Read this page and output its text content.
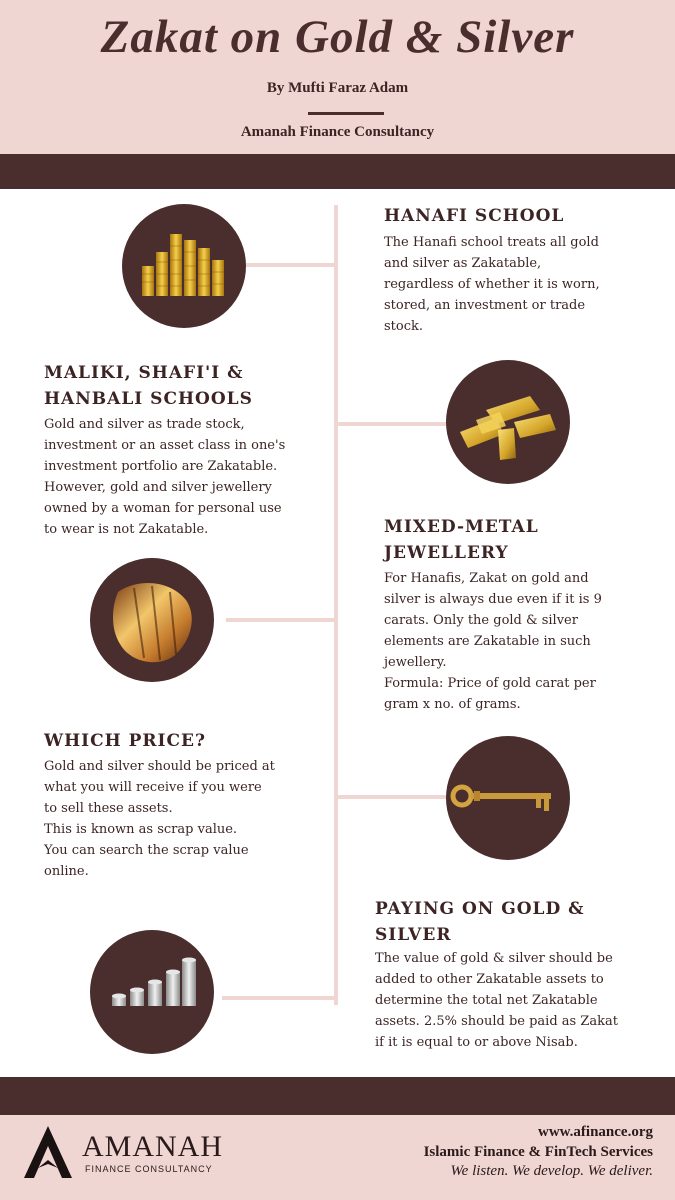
Zakat on Gold & Silver
By Mufti Faraz Adam
Amanah Finance Consultancy
HANAFI SCHOOL
The Hanafi school treats all gold
and silver as Zakatable,
regardless of whether it is worn,
stored, an investment or trade
stock.
MALIKI, SHAFI'I &
HANBALI SCHOOLS
Gold and silver as trade stock,
investment or an asset class in one's
investment portfolio are Zakatable.
However, gold and silver jewellery
owned by a woman for personal use
to wear is not Zakatable.	MIXED-METAL
JEWELLERY
For Hanafis, Zakat on gold and
silver is always due even if it is 9
carats. Only the gold & silver
elements are Zakatable in such
jewellery.
Formula: Price of gold carat per
gram x no. of grams.
WHICH PRICE?
Gold and silver should be priced at
what you will receive if you were
to sell these assets.
This is known as scrap value.
You can search the scrap value
online.
PAYING ON GOLD &
SILVER
The value of gold & silver should be
added to other Zakatable assets to
determine the total net Zakatable
assets. 2.5% should be paid as Zakat
if it is equal to or above Nisab.
AMANAH
FINANCE CONSULTANCY
www.afinance.org
Islamic Finance & FinTech Services
We listen. We develop. We deliver.
